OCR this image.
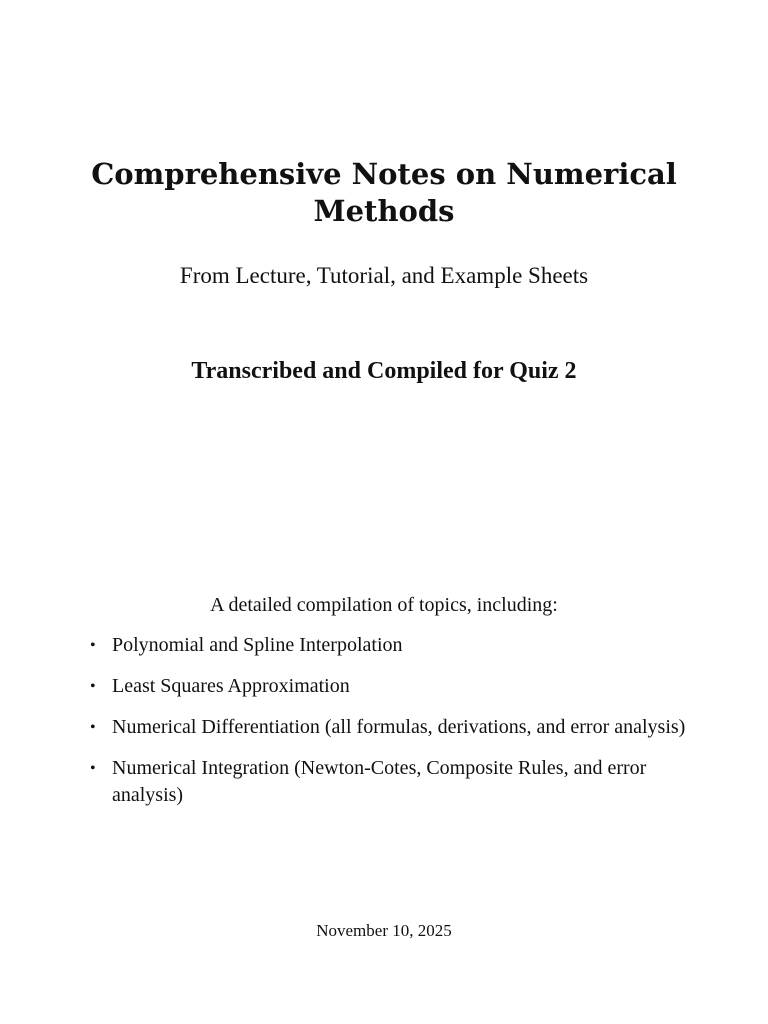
Comprehensive Notes on Numerical Methods
From Lecture, Tutorial, and Example Sheets
Transcribed and Compiled for Quiz 2
A detailed compilation of topics, including:
• Polynomial and Spline Interpolation
• Least Squares Approximation
• Numerical Differentiation (all formulas, derivations, and error analysis)
• Numerical Integration (Newton-Cotes, Composite Rules, and error analysis)
November 10, 2025
